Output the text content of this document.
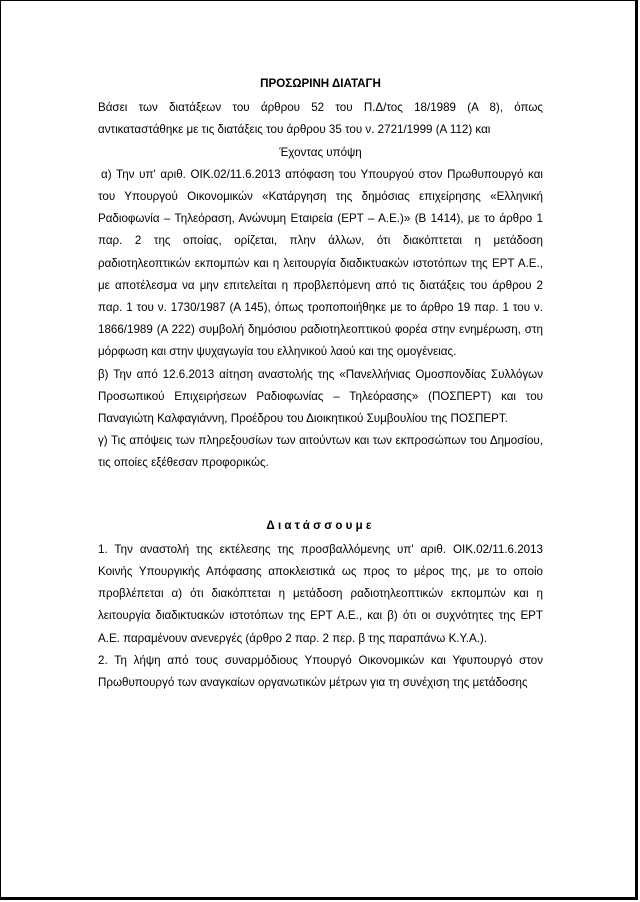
ΠΡΟΣΩΡΙΝΗ ΔΙΑΤΑΓΗ

Βάσει των διατάξεων του άρθρου 52 του Π.Δ/τος 18/1989 (Α 8), όπως αντικαταστάθηκε με τις διατάξεις του άρθρου 35 του ν. 2721/1999 (Α 112) και

Έχοντας υπόψη

α) Την υπ' αριθ. ΟΙΚ.02/11.6.2013 απόφαση του Υπουργού στον Πρωθυπουργό και του Υπουργού Οικονομικών «Κατάργηση της δημόσιας επιχείρησης «Ελληνική Ραδιοφωνία – Τηλεόραση, Ανώνυμη Εταιρεία (ΕΡΤ – Α.Ε.)» (Β 1414), με το άρθρο 1 παρ. 2 της οποίας, ορίζεται, πλην άλλων, ότι διακόπτεται η μετάδοση ραδιοτηλεοπτικών εκπομπών και η λειτουργία διαδικτυακών ιστοτόπων της ΕΡΤ Α.Ε., με αποτέλεσμα να μην επιτελείται η προβλεπόμενη από τις διατάξεις του άρθρου 2 παρ. 1 του ν. 1730/1987 (Α 145), όπως τροποποιήθηκε με το άρθρο 19 παρ. 1 του ν. 1866/1989 (Α 222) συμβολή δημόσιου ραδιοτηλεοπτικού φορέα στην ενημέρωση, στη μόρφωση και στην ψυχαγωγία του ελληνικού λαού και της ομογένειας.

β) Την από 12.6.2013 αίτηση αναστολής της «Πανελλήνιας Ομοσπονδίας Συλλόγων Προσωπικού Επιχειρήσεων Ραδιοφωνίας – Τηλεόρασης» (ΠΟΣΠΕΡΤ) και του Παναγιώτη Καλφαγιάννη, Προέδρου του Διοικητικού Συμβουλίου της ΠΟΣΠΕΡΤ.

γ) Τις απόψεις των πληρεξουσίων των αιτούντων και των εκπροσώπων του Δημοσίου, τις οποίες εξέθεσαν προφορικώς.

Διατάσσουμε

1. Την αναστολή της εκτέλεσης της προσβαλλόμενης υπ' αριθ. ΟΙΚ.02/11.6.2013 Κοινής Υπουργικής Απόφασης αποκλειστικά ως προς το μέρος της, με το οποίο προβλέπεται α) ότι διακόπτεται η μετάδοση ραδιοτηλεοπτικών εκπομπών και η λειτουργία διαδικτυακών ιστοτόπων της ΕΡΤ Α.Ε., και β) ότι οι συχνότητες της ΕΡΤ Α.Ε. παραμένουν ανενεργές (άρθρο 2 παρ. 2 περ. β της παραπάνω Κ.Υ.Α.).

2. Τη λήψη από τους συναρμόδιους Υπουργό Οικονομικών και Υφυπουργό στον Πρωθυπουργό των αναγκαίων οργανωτικών μέτρων για τη συνέχιση της μετάδοσης
